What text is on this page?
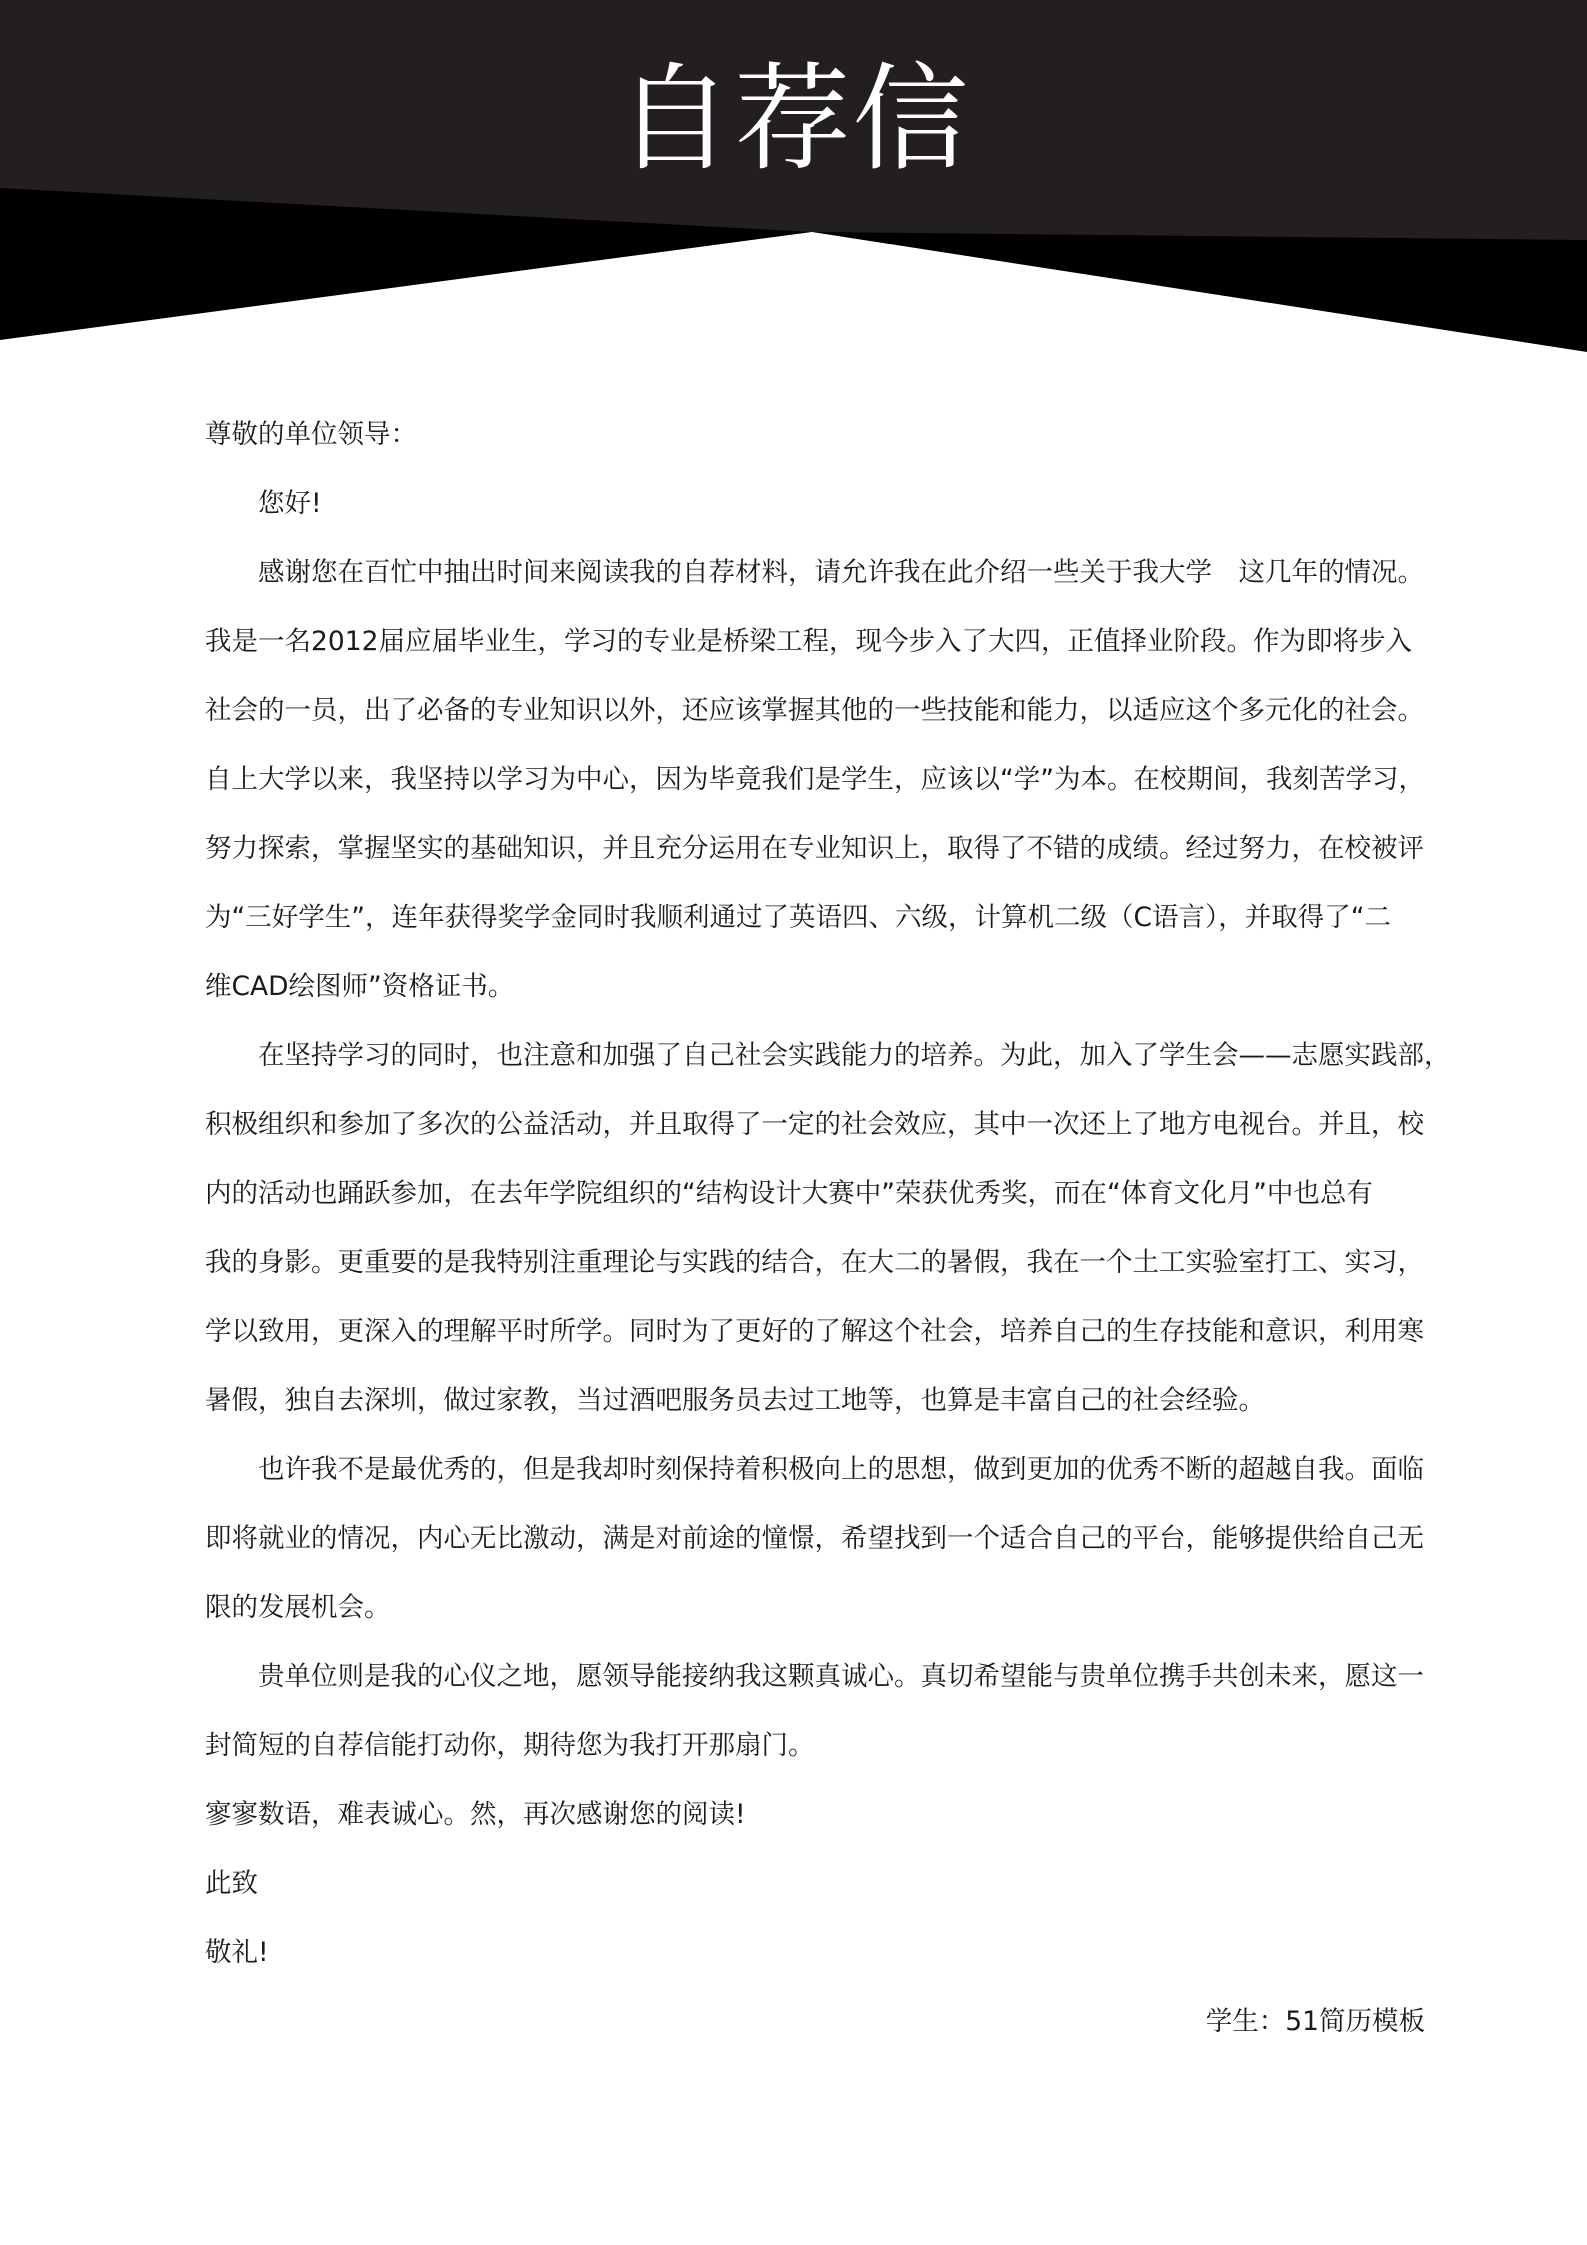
自荐信

尊敬的单位领导：

您好!

感谢您在百忙中抽出时间来阅读我的自荐材料，请允许我在此介绍一些关于我大学　这几年的情况。

我是一名2012届应届毕业生，学习的专业是桥梁工程，现今步入了大四，正值择业阶段。作为即将步入

社会的一员，出了必备的专业知识以外，还应该掌握其他的一些技能和能力，以适应这个多元化的社会。

自上大学以来，我坚持以学习为中心，因为毕竟我们是学生，应该以“学”为本。在校期间，我刻苦学习，

努力探索，掌握坚实的基础知识，并且充分运用在专业知识上，取得了不错的成绩。经过努力，在校被评

为“三好学生”，连年获得奖学金同时我顺利通过了英语四、六级，计算机二级（C语言），并取得了“二

维CAD绘图师”资格证书。

在坚持学习的同时，也注意和加强了自己社会实践能力的培养。为此，加入了学生会——志愿实践部，

积极组织和参加了多次的公益活动，并且取得了一定的社会效应，其中一次还上了地方电视台。并且，校

内的活动也踊跃参加，在去年学院组织的“结构设计大赛中”荣获优秀奖，而在“体育文化月”中也总有

我的身影。更重要的是我特别注重理论与实践的结合，在大二的暑假，我在一个土工实验室打工、实习，

学以致用，更深入的理解平时所学。同时为了更好的了解这个社会，培养自己的生存技能和意识，利用寒

暑假，独自去深圳，做过家教，当过酒吧服务员去过工地等，也算是丰富自己的社会经验。

也许我不是最优秀的，但是我却时刻保持着积极向上的思想，做到更加的优秀不断的超越自我。面临

即将就业的情况，内心无比激动，满是对前途的憧憬，希望找到一个适合自己的平台，能够提供给自己无

限的发展机会。

贵单位则是我的心仪之地，愿领导能接纳我这颗真诚心。真切希望能与贵单位携手共创未来，愿这一

封简短的自荐信能打动你，期待您为我打开那扇门。

寥寥数语，难表诚心。然，再次感谢您的阅读!

此致

敬礼!

学生：51简历模板
